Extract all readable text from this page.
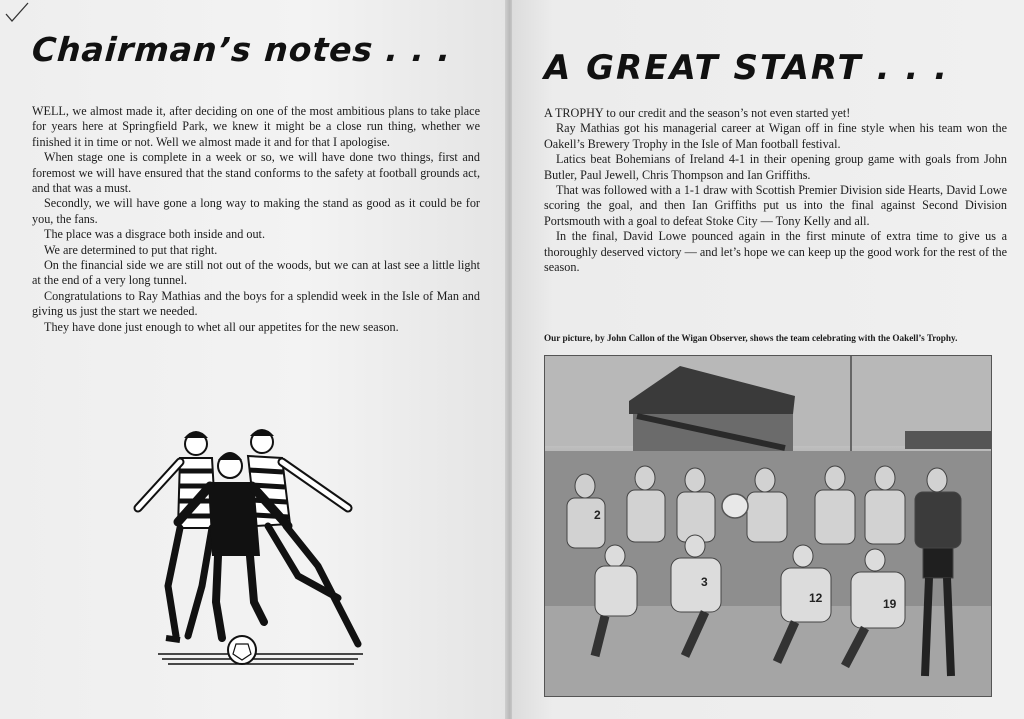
Chairman’s notes . . .

WELL, we almost made it, after deciding on one of the most ambitious plans to take place for years here at Springfield Park, we knew it might be a close run thing, whether we finished it in time or not. Well we almost made it and for that I apologise.

When stage one is complete in a week or so, we will have done two things, first and foremost we will have ensured that the stand conforms to the safety at football grounds act, and that was a must.

Secondly, we will have gone a long way to making the stand as good as it could be for you, the fans.

The place was a disgrace both inside and out.

We are determined to put that right.

On the financial side we are still not out of the woods, but we can at last see a little light at the end of a very long tunnel.

Congratulations to Ray Mathias and the boys for a splendid week in the Isle of Man and giving us just the start we needed.

They have done just enough to whet all our appetites for the new season.

A GREAT START . . .

A TROPHY to our credit and the season’s not even started yet!

Ray Mathias got his managerial career at Wigan off in fine style when his team won the Oakell’s Brewery Trophy in the Isle of Man football festival.

Latics beat Bohemians of Ireland 4-1 in their opening group game with goals from John Butler, Paul Jewell, Chris Thompson and Ian Griffiths.

That was followed with a 1-1 draw with Scottish Premier Division side Hearts, David Lowe scoring the goal, and then Ian Griffiths put us into the final against Second Division Portsmouth with a goal to defeat Stoke City — Tony Kelly and all.

In the final, David Lowe pounced again in the first minute of extra time to give us a thoroughly deserved victory — and let’s hope we can keep up the good work for the rest of the season.

Our picture, by John Callon of the Wigan Observer, shows the team celebrating with the Oakell’s Trophy.
2
3
12	19
